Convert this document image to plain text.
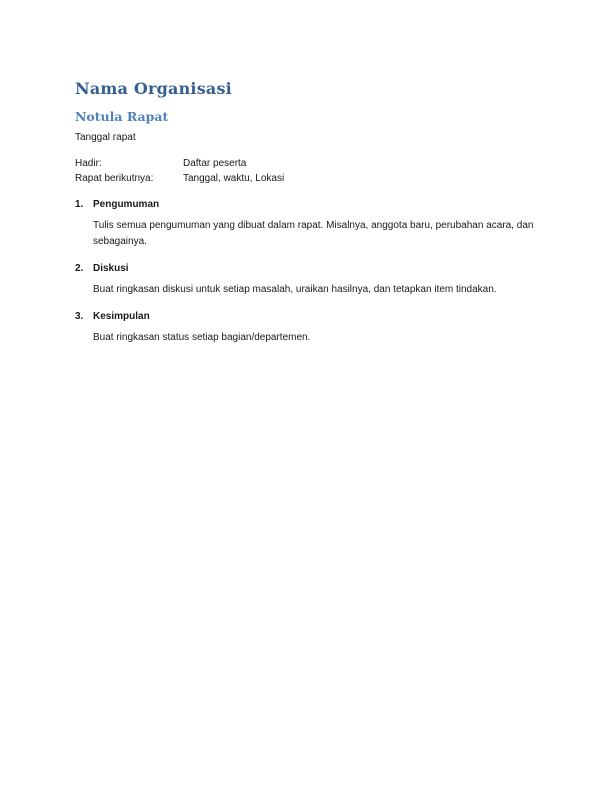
Nama Organisasi
Notula Rapat
Tanggal rapat
Hadir:	Daftar peserta
Rapat berikutnya:	Tanggal, waktu, Lokasi
1. Pengumuman
Tulis semua pengumuman yang dibuat dalam rapat. Misalnya, anggota baru, perubahan acara, dan sebagainya.
2. Diskusi
Buat ringkasan diskusi untuk setiap masalah, uraikan hasilnya, dan tetapkan item tindakan.
3. Kesimpulan
Buat ringkasan status setiap bagian/departemen.
